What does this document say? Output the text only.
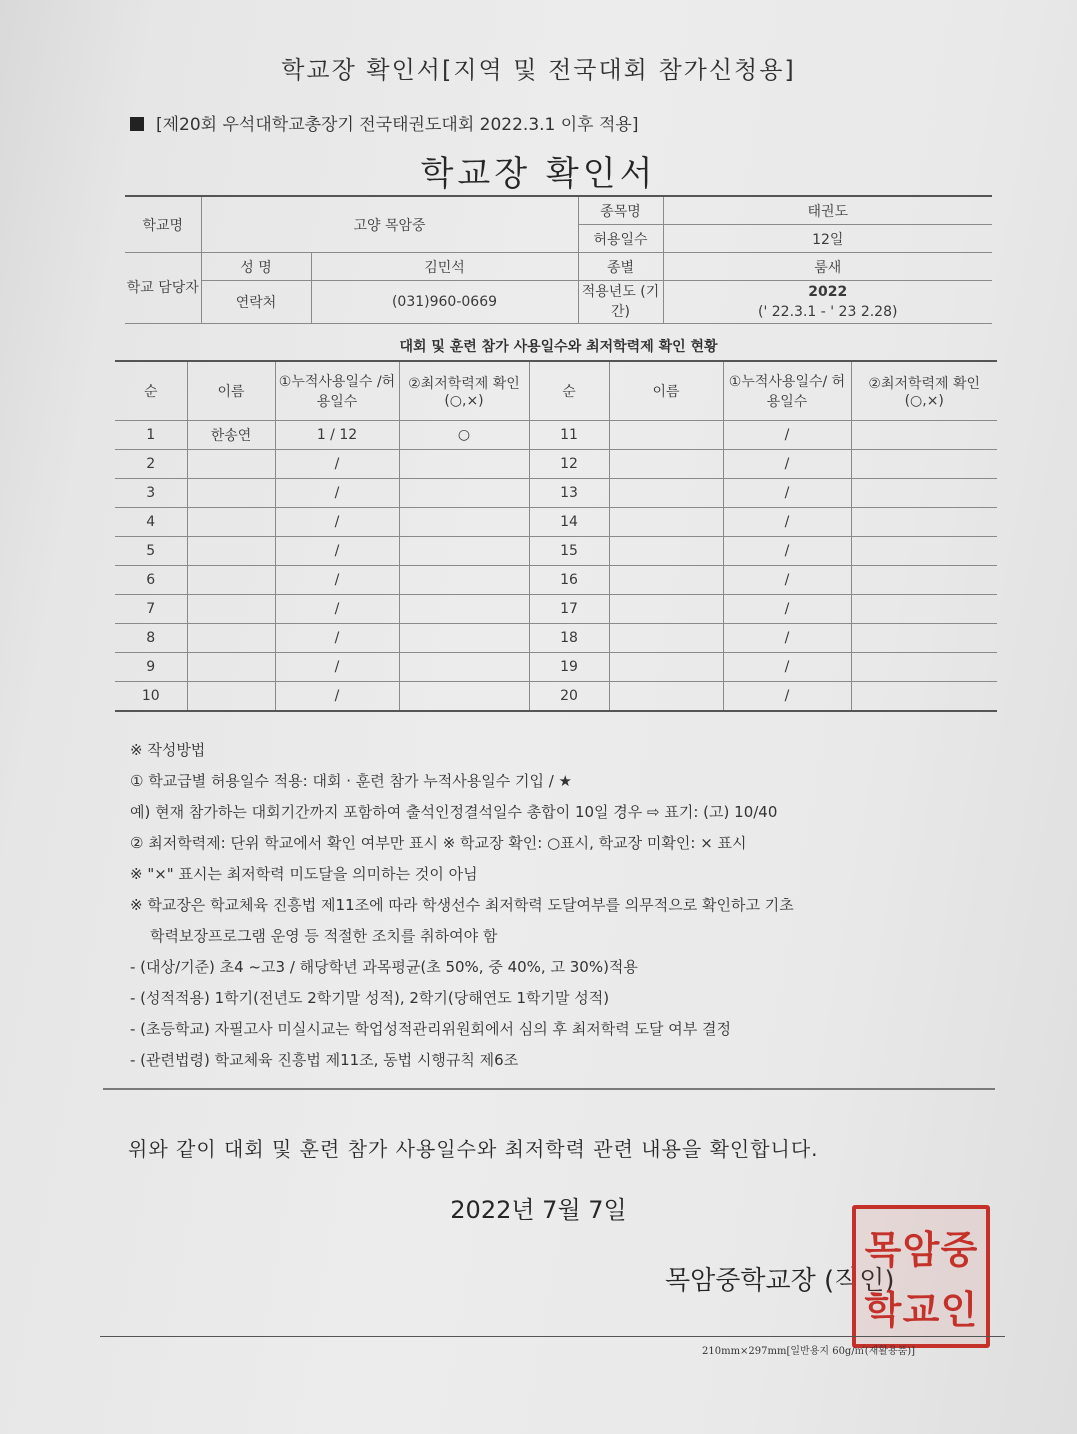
학교장 확인서[지역 및 전국대회 참가신청용]
[제20회 우석대학교총장기 전국태권도대회 2022.3.1 이후 적용]
학교장 확인서
학교명	고양 목암중		종목명	태권도
			허용일수	12일
학교 담당자	성 명	김민석	종별	룸새
	연락처	(031)960-0669	적용년도 (기간)	2022
(' 22.3.1 - ' 23 2.28)
대회 및 훈련 참가 사용일수와 최저학력제 확인 현황
순	이름	①누적사용일수 /허용일수	②최저학력제 확인(○,×)	순	이름	①누적사용일수/ 허용일수	②최저학력제 확인(○,×)
1	한송연	1 / 12	○	11		/	
2		/		12		/	
3		/		13		/	
4		/		14		/	
5		/		15		/	
6		/		16		/	
7		/		17		/	
8		/		18		/	
9		/		19		/	
10		/		20		/	
※ 작성방법
① 학교급별 허용일수 적용: 대회 · 훈련 참가 누적사용일수 기입 / ★
예) 현재 참가하는 대회기간까지 포함하여 출석인정결석일수 총합이 10일 경우 ⇨ 표기: (고) 10/40
② 최저학력제: 단위 학교에서 확인 여부만 표시 ※ 학교장 확인: ○표시, 학교장 미확인: × 표시
※ "×" 표시는 최저학력 미도달을 의미하는 것이 아님
※ 학교장은 학교체육 진흥법 제11조에 따라 학생선수 최저학력 도달여부를 의무적으로 확인하고 기초
학력보장프로그램 운영 등 적절한 조치를 취하여야 함
- (대상/기준) 초4 ~고3 / 해당학년 과목평균(초 50%, 중 40%, 고 30%)적용
- (성적적용) 1학기(전년도 2학기말 성적), 2학기(당해연도 1학기말 성적)
- (초등학교) 자필고사 미실시교는 학업성적관리위원회에서 심의 후 최저학력 도달 여부 결정
- (관련법령) 학교체육 진흥법 제11조, 동법 시행규칙 제6조
위와 같이 대회 및 훈련 참가 사용일수와 최저학력 관련 내용을 확인합니다.
2022년 7월 7일
목암중학교장 (직인)
목 암 중
학 교 인
210mm×297mm[일반용지 60g/㎡(재활용품)]
